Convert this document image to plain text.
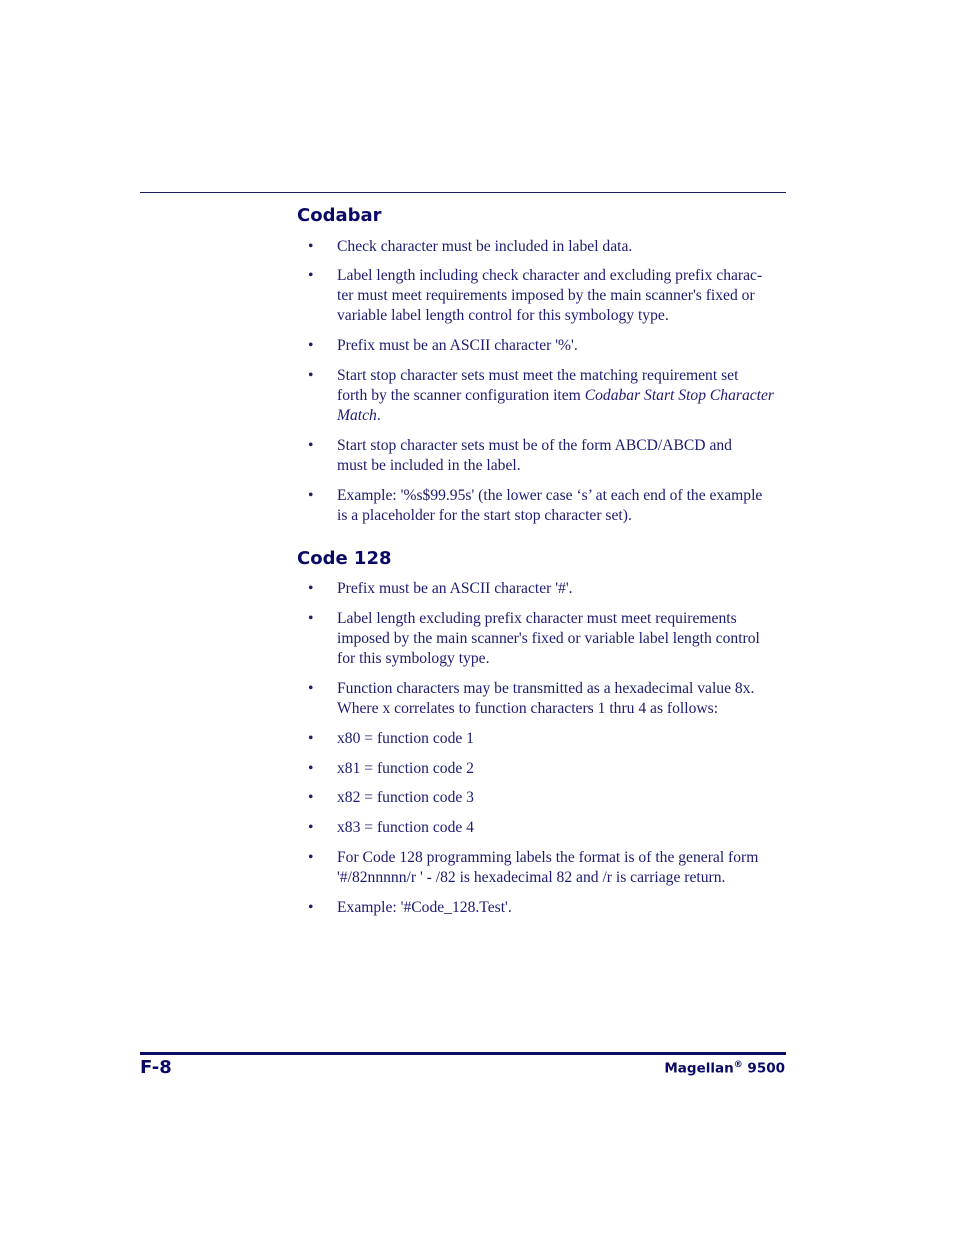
Codabar
• Check character must be included in label data.
• Label length including check character and excluding prefix charac-
ter must meet requirements imposed by the main scanner's fixed or
variable label length control for this symbology type.
• Prefix must be an ASCII character '%'.
• Start stop character sets must meet the matching requirement set
forth by the scanner configuration item Codabar Start Stop Character
Match.
• Start stop character sets must be of the form ABCD/ABCD and
must be included in the label.
• Example: '%s$99.95s' (the lower case ‘s’ at each end of the example
is a placeholder for the start stop character set).
Code 128
• Prefix must be an ASCII character '#'.
• Label length excluding prefix character must meet requirements
imposed by the main scanner's fixed or variable label length control
for this symbology type.
• Function characters may be transmitted as a hexadecimal value 8x.
Where x correlates to function characters 1 thru 4 as follows:
• x80 = function code 1
• x81 = function code 2
• x82 = function code 3
• x83 = function code 4
• For Code 128 programming labels the format is of the general form
'#/82nnnnn/r ' - /82 is hexadecimal 82 and /r is carriage return.
• Example: '#Code_128.Test'.
F-8	Magellan® 9500
